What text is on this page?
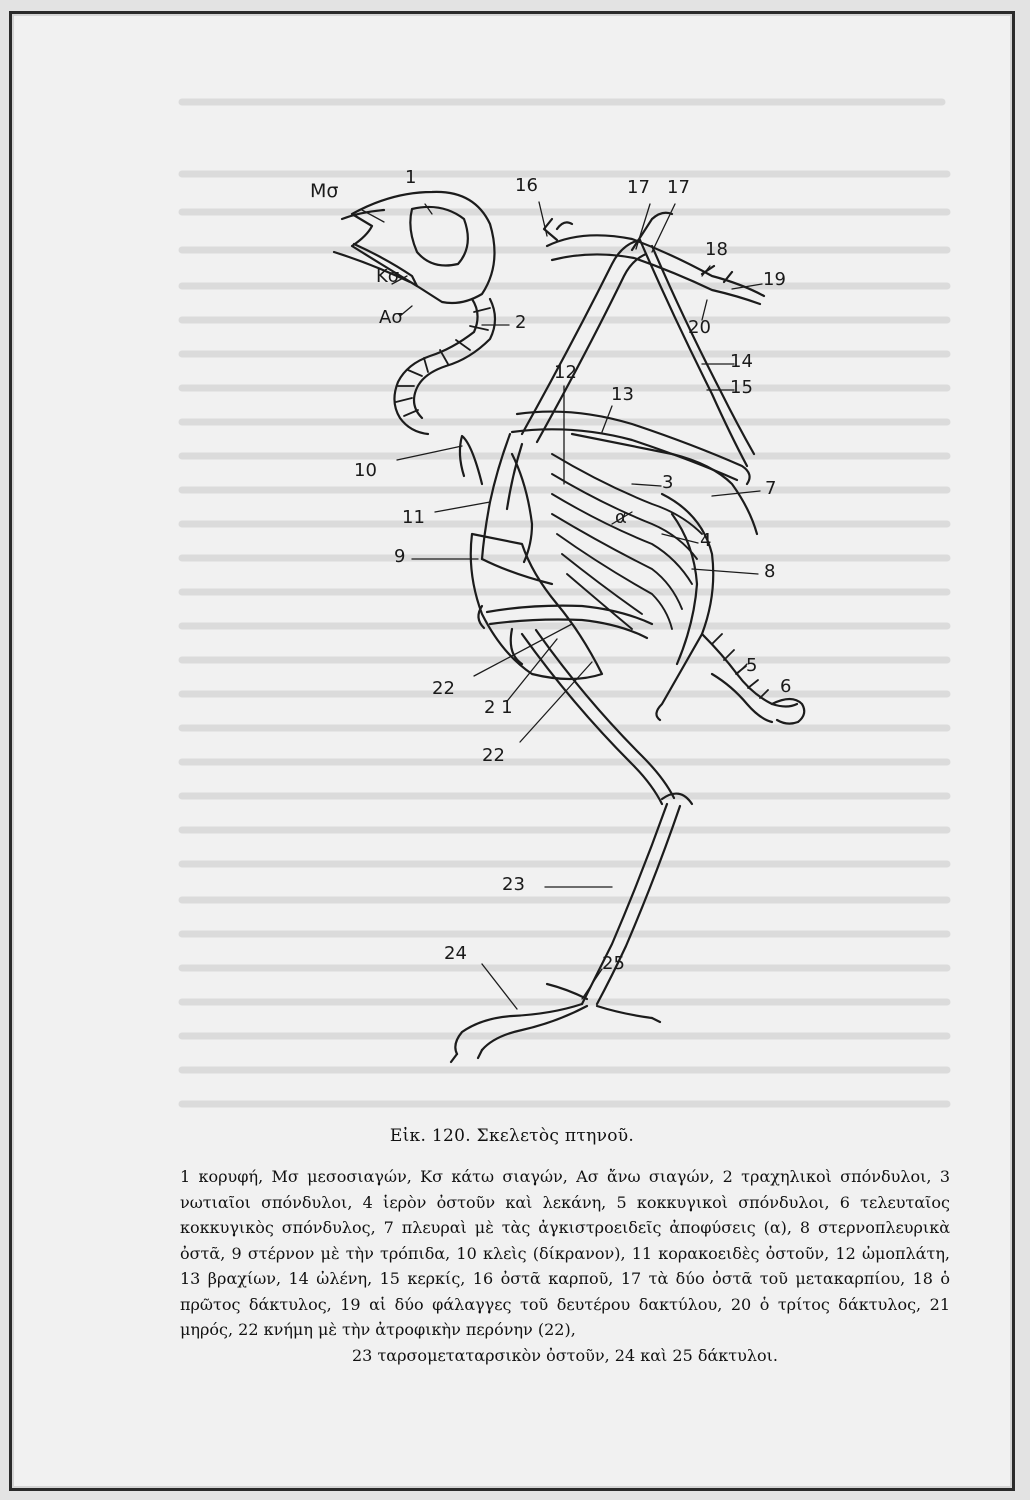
Μσ
1
Κσ
Ασ	2
16	17 17
18
19
20
14
15
12
13
10
3	7
11	α
4
9
8
5
6
22
2 1
22
23
24	25
Εἰκ. 120. Σκελετὸς πτηνοῦ.

1 κορυφή, Μσ μεσοσιαγών, Κσ κάτω σιαγών, Ασ ἄνω σιαγών, 2 τραχηλικοὶ σπόνδυλοι, 3 νωτιαῖοι σπόνδυλοι, 4 ἱερὸν ὀστοῦν καὶ λεκάνη, 5 κοκκυγικοὶ σπόνδυλοι, 6 τελευταῖος κοκκυγικὸς σπόνδυλος, 7 πλευραὶ μὲ τὰς ἀγκιστροειδεῖς ἀποφύσεις (α), 8 στερνοπλευρικὰ ὀστᾶ, 9 στέρνον μὲ τὴν τρόπιδα, 10 κλεὶς (δίκρανον), 11 κορακοειδὲς ὀστοῦν, 12 ὠμοπλάτη, 13 βραχίων, 14 ὠλένη, 15 κερκίς, 16 ὀστᾶ καρποῦ, 17 τὰ δύο ὀστᾶ τοῦ μετακαρπίου, 18 ὁ πρῶτος δάκτυλος, 19 αἱ δύο φάλαγγες τοῦ δευτέρου δακτύλου, 20 ὁ τρίτος δάκτυλος, 21 μηρός, 22 κνήμη μὲ τὴν ἀτροφικὴν περόνην (22),
23 ταρσομεταταρσικὸν ὀστοῦν, 24 καὶ 25 δάκτυλοι.
